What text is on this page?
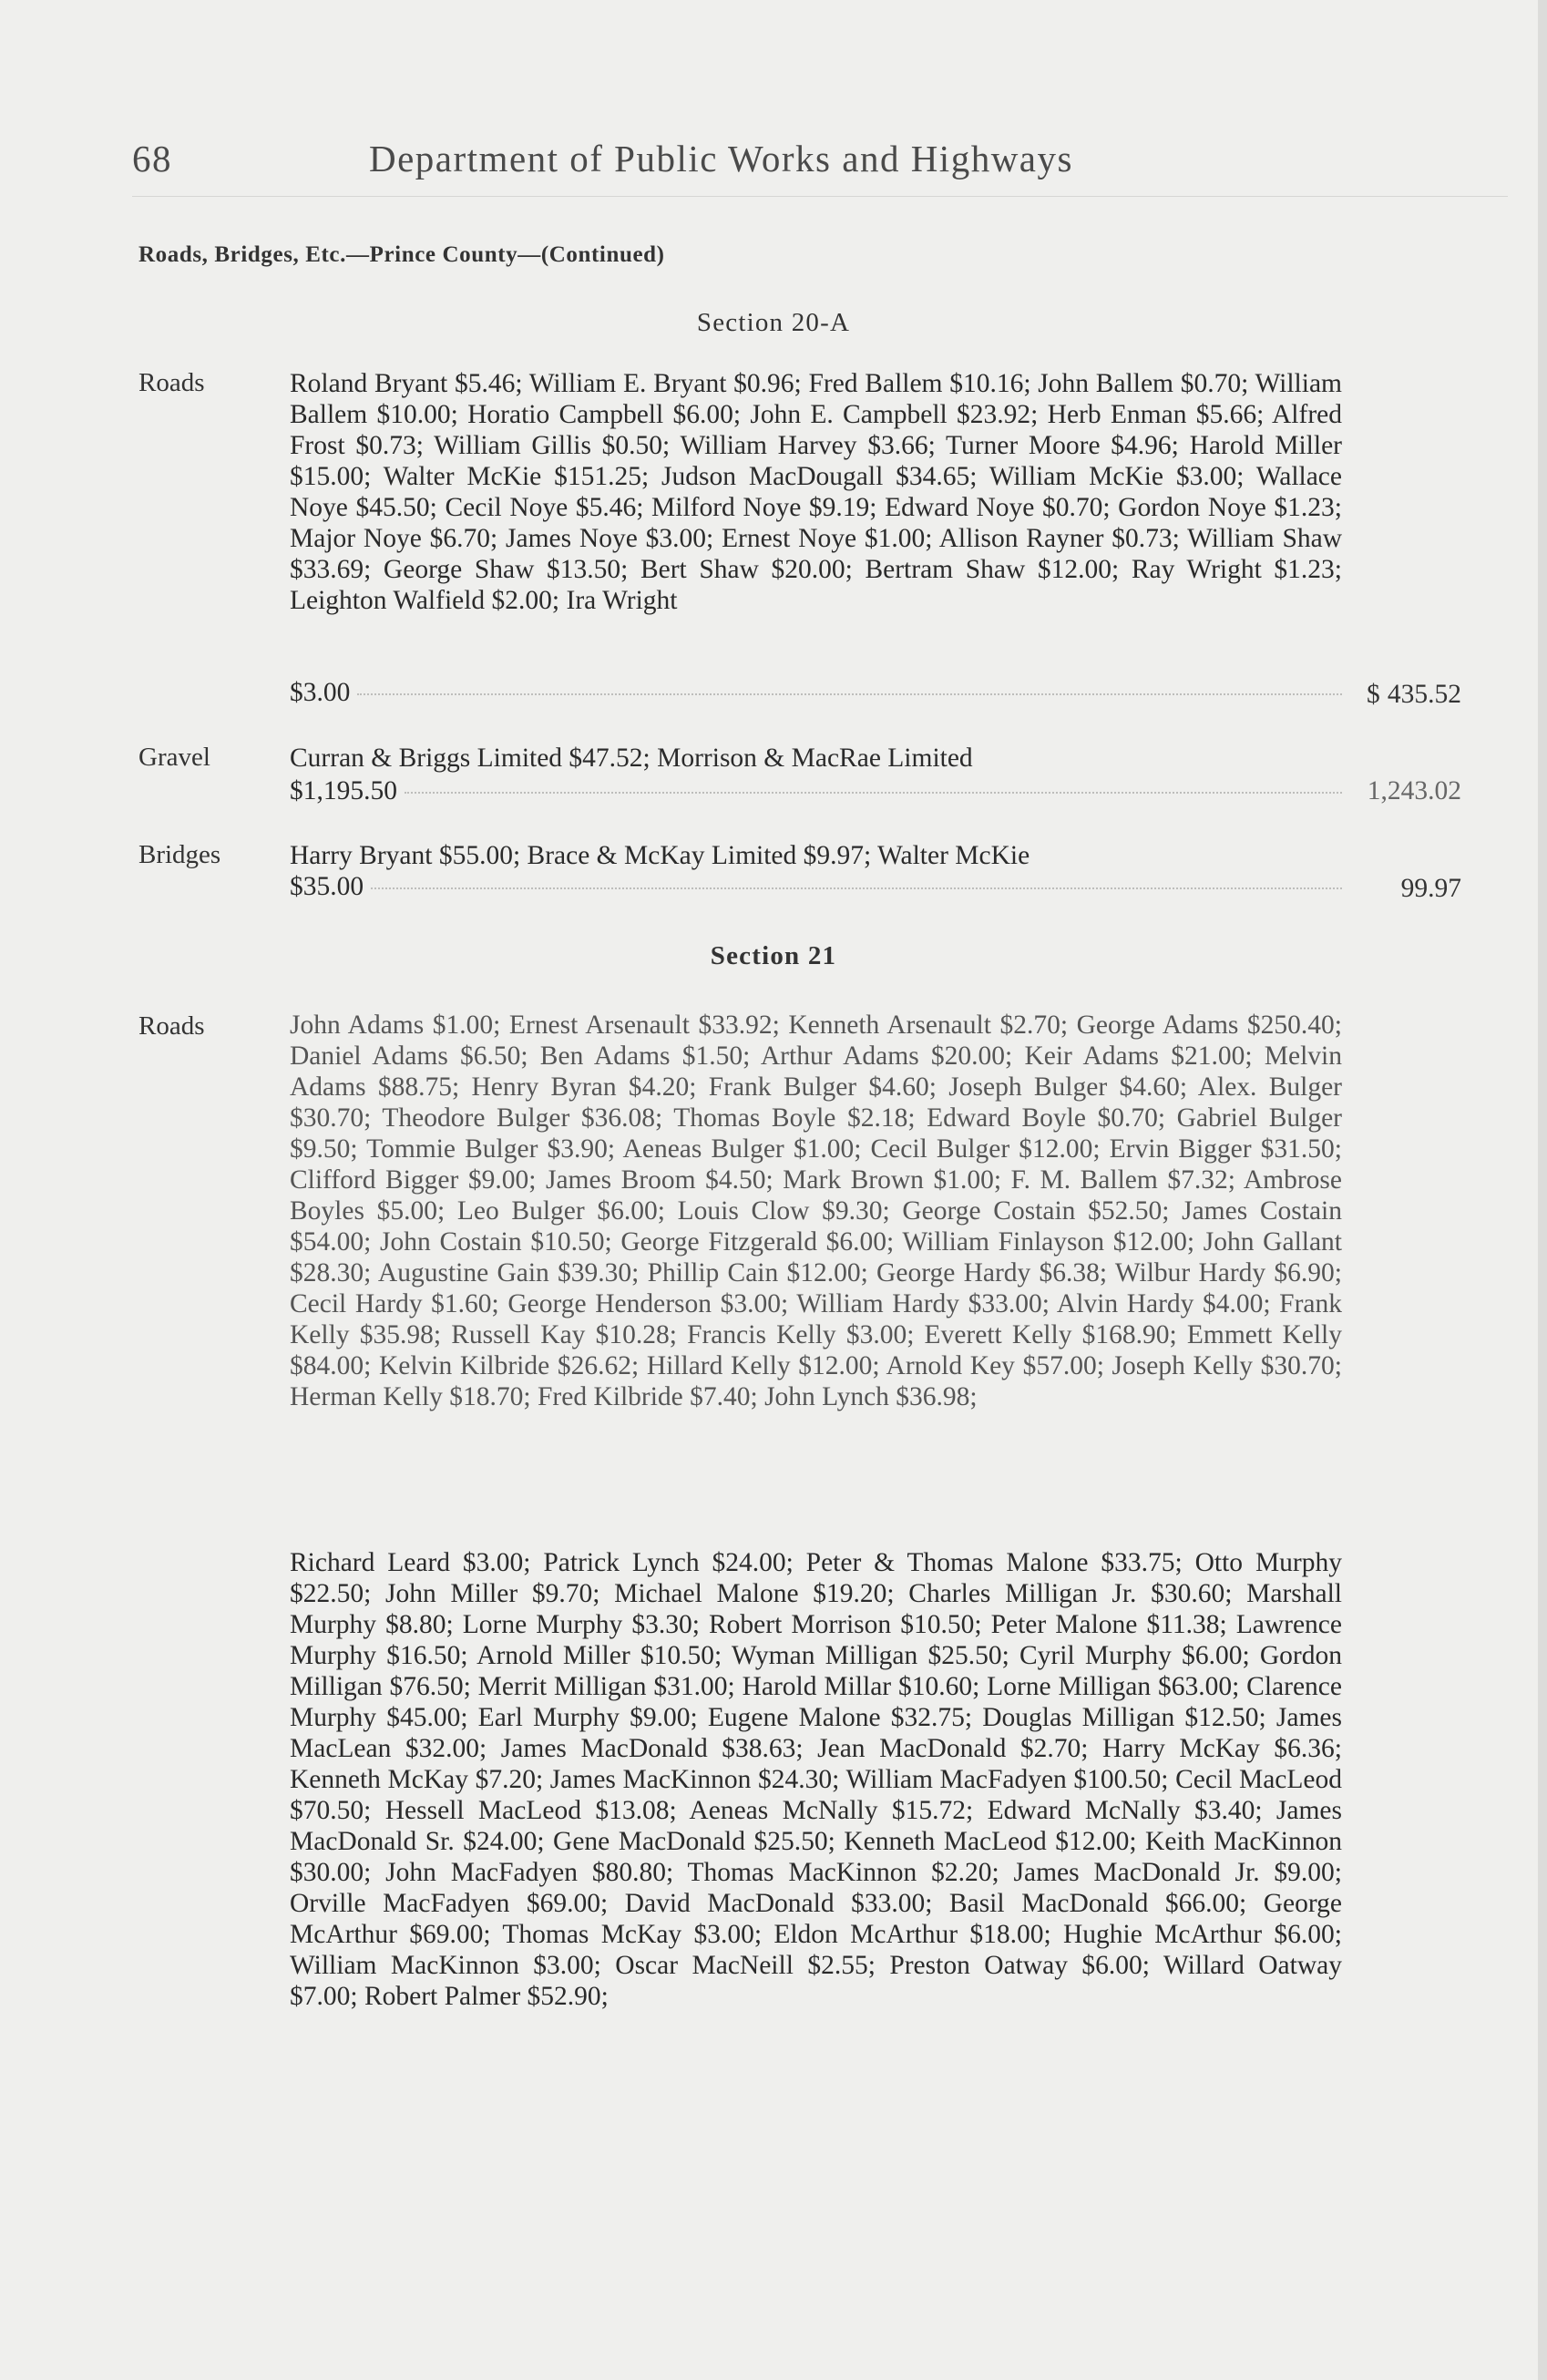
68	Department of Public Works and Highways
Roads, Bridges, Etc.—Prince County—(Continued)
Section 20-A
Roads	Roland Bryant $5.46; William E. Bryant $0.96; Fred Ballem $10.16; John Ballem $0.70; William Ballem $10.00; Horatio Campbell $6.00; John E. Campbell $23.92; Herb Enman $5.66; Alfred Frost $0.73; William Gillis $0.50; William Harvey $3.66; Turner Moore $4.96; Harold Miller $15.00; Walter McKie $151.25; Judson MacDougall $34.65; William McKie $3.00; Wallace Noye $45.50; Cecil Noye $5.46; Milford Noye $9.19; Edward Noye $0.70; Gordon Noye $1.23; Major Noye $6.70; James Noye $3.00; Ernest Noye $1.00; Allison Rayner $0.73; William Shaw $33.69; George Shaw $13.50; Bert Shaw $20.00; Bertram Shaw $12.00; Ray Wright $1.23; Leighton Walfield $2.00; Ira Wright
$3.00	$ 435.52
Gravel	Curran & Briggs Limited $47.52; Morrison & MacRae Limited
$1,195.50	1,243.02
Bridges	Harry Bryant $55.00; Brace & McKay Limited $9.97; Walter McKie
$35.00	99.97
Section 21
Roads	John Adams $1.00; Ernest Arsenault $33.92; Kenneth Arsenault $2.70; George Adams $250.40; Daniel Adams $6.50; Ben Adams $1.50; Arthur Adams $20.00; Keir Adams $21.00; Melvin Adams $88.75; Henry Byran $4.20; Frank Bulger $4.60; Joseph Bulger $4.60; Alex. Bulger $30.70; Theodore Bulger $36.08; Thomas Boyle $2.18; Edward Boyle $0.70; Gabriel Bulger $9.50; Tommie Bulger $3.90; Aeneas Bulger $1.00; Cecil Bulger $12.00; Ervin Bigger $31.50; Clifford Bigger $9.00; James Broom $4.50; Mark Brown $1.00; F. M. Ballem $7.32; Ambrose Boyles $5.00; Leo Bulger $6.00; Louis Clow $9.30; George Costain $52.50; James Costain $54.00; John Costain $10.50; George Fitzgerald $6.00; William Finlayson $12.00; John Gallant $28.30; Augustine Gain $39.30; Phillip Cain $12.00; George Hardy $6.38; Wilbur Hardy $6.90; Cecil Hardy $1.60; George Henderson $3.00; William Hardy $33.00; Alvin Hardy $4.00; Frank Kelly $35.98; Russell Kay $10.28; Francis Kelly $3.00; Everett Kelly $168.90; Emmett Kelly $84.00; Kelvin Kilbride $26.62; Hillard Kelly $12.00; Arnold Key $57.00; Joseph Kelly $30.70; Herman Kelly $18.70; Fred Kilbride $7.40; John Lynch $36.98;
Richard Leard $3.00; Patrick Lynch $24.00; Peter & Thomas Malone $33.75; Otto Murphy $22.50; John Miller $9.70; Michael Malone $19.20; Charles Milligan Jr. $30.60; Marshall Murphy $8.80; Lorne Murphy $3.30; Robert Morrison $10.50; Peter Malone $11.38; Lawrence Murphy $16.50; Arnold Miller $10.50; Wyman Milligan $25.50; Cyril Murphy $6.00; Gordon Milligan $76.50; Merrit Milligan $31.00; Harold Millar $10.60; Lorne Milligan $63.00; Clarence Murphy $45.00; Earl Murphy $9.00; Eugene Malone $32.75; Douglas Milligan $12.50; James MacLean $32.00; James MacDonald $38.63; Jean MacDonald $2.70; Harry McKay $6.36; Kenneth McKay $7.20; James MacKinnon $24.30; William MacFadyen $100.50; Cecil MacLeod $70.50; Hessell MacLeod $13.08; Aeneas McNally $15.72; Edward McNally $3.40; James MacDonald Sr. $24.00; Gene MacDonald $25.50; Kenneth MacLeod $12.00; Keith MacKinnon $30.00; John MacFadyen $80.80; Thomas MacKinnon $2.20; James MacDonald Jr. $9.00; Orville MacFadyen $69.00; David MacDonald $33.00; Basil MacDonald $66.00; George McArthur $69.00; Thomas McKay $3.00; Eldon McArthur $18.00; Hughie McArthur $6.00; William MacKinnon $3.00; Oscar MacNeill $2.55; Preston Oatway $6.00; Willard Oatway $7.00; Robert Palmer $52.90;
